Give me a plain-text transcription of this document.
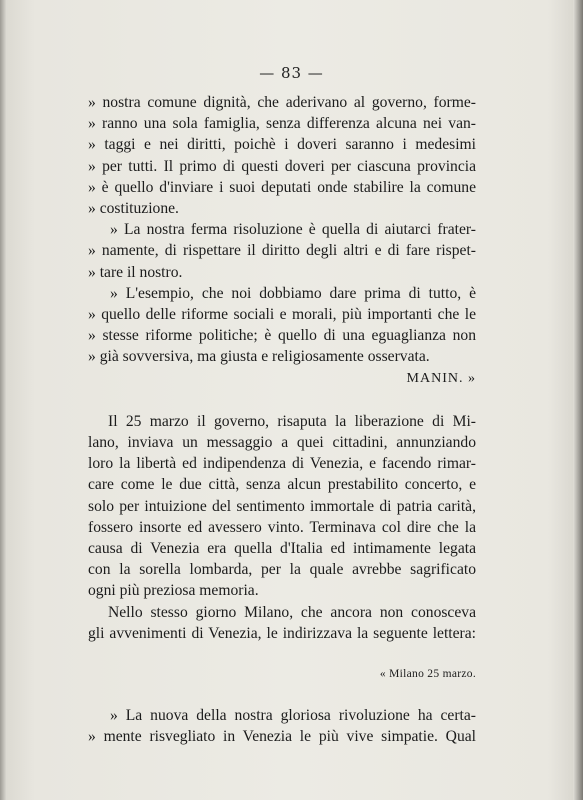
— 83 —
» nostra comune dignità, che aderivano al governo, forme-
» ranno una sola famiglia, senza differenza alcuna nei van-
» taggi e nei diritti, poichè i doveri saranno i medesimi
» per tutti. Il primo di questi doveri per ciascuna provincia
» è quello d'inviare i suoi deputati onde stabilire la comune
» costituzione.
» La nostra ferma risoluzione è quella di aiutarci frater-
» namente, di rispettare il diritto degli altri e di fare rispet-
» tare il nostro.
» L'esempio, che noi dobbiamo dare prima di tutto, è
» quello delle riforme sociali e morali, più importanti che le
» stesse riforme politiche; è quello di una eguaglianza non
» già sovversiva, ma giusta e religiosamente osservata.
MANIN. »
Il 25 marzo il governo, risaputa la liberazione di Mi-
lano, inviava un messaggio a quei cittadini, annunziando
loro la libertà ed indipendenza di Venezia, e facendo rimar-
care come le due città, senza alcun prestabilito concerto, e
solo per intuizione del sentimento immortale di patria carità,
fossero insorte ed avessero vinto. Terminava col dire che la
causa di Venezia era quella d'Italia ed intimamente legata
con la sorella lombarda, per la quale avrebbe sagrificato
ogni più preziosa memoria.
Nello stesso giorno Milano, che ancora non conosceva
gli avvenimenti di Venezia, le indirizzava la seguente lettera:
« Milano 25 marzo.
» La nuova della nostra gloriosa rivoluzione ha certa-
» mente risvegliato in Venezia le più vive simpatie. Qual
